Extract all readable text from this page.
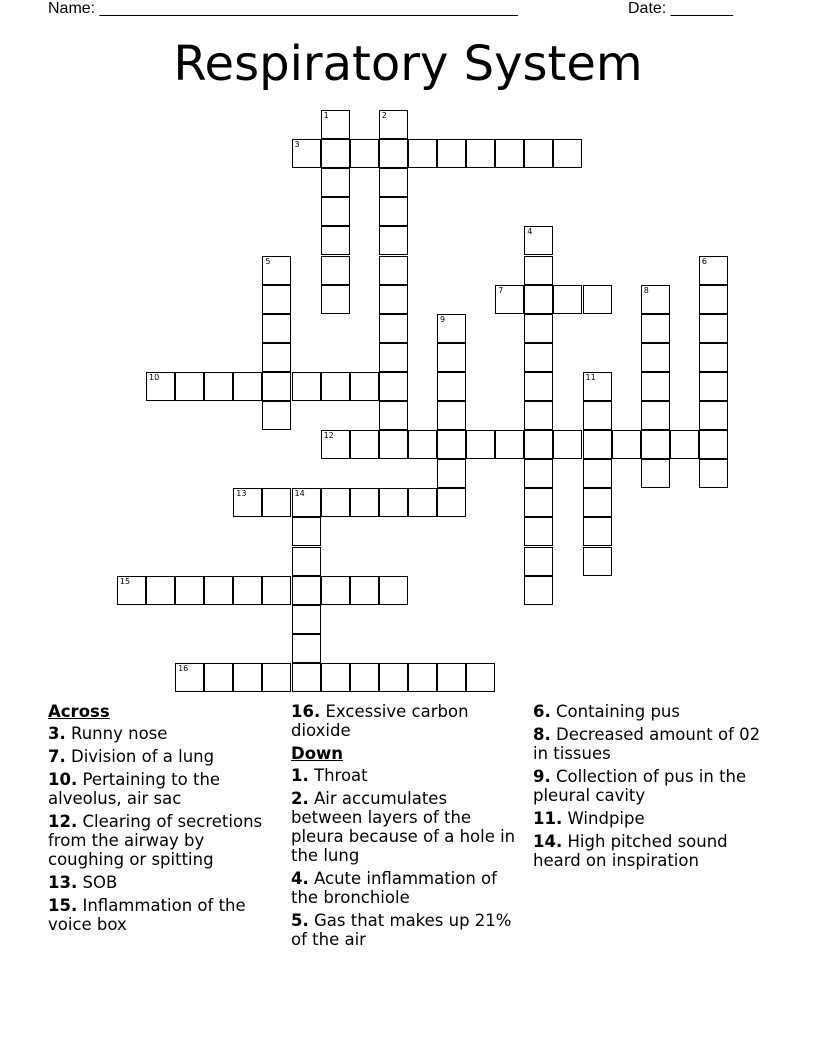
Name: _______________________________________________	Date: _______
Respiratory System
1	2
3
4
5	6
7	8
9
10	11
12
13	14
15
16
Across
3. Runny nose
7. Division of a lung
10. Pertaining to the alveolus, air sac
12. Clearing of secretions from the airway by coughing or spitting
13. SOB
15. Inflammation of the voice box
16. Excessive carbon dioxide
Down
1. Throat
2. Air accumulates between layers of the pleura because of a hole in the lung
4. Acute inflammation of the bronchiole
5. Gas that makes up 21% of the air
6. Containing pus
8. Decreased amount of 02 in tissues
9. Collection of pus in the pleural cavity
11. Windpipe
14. High pitched sound heard on inspiration
